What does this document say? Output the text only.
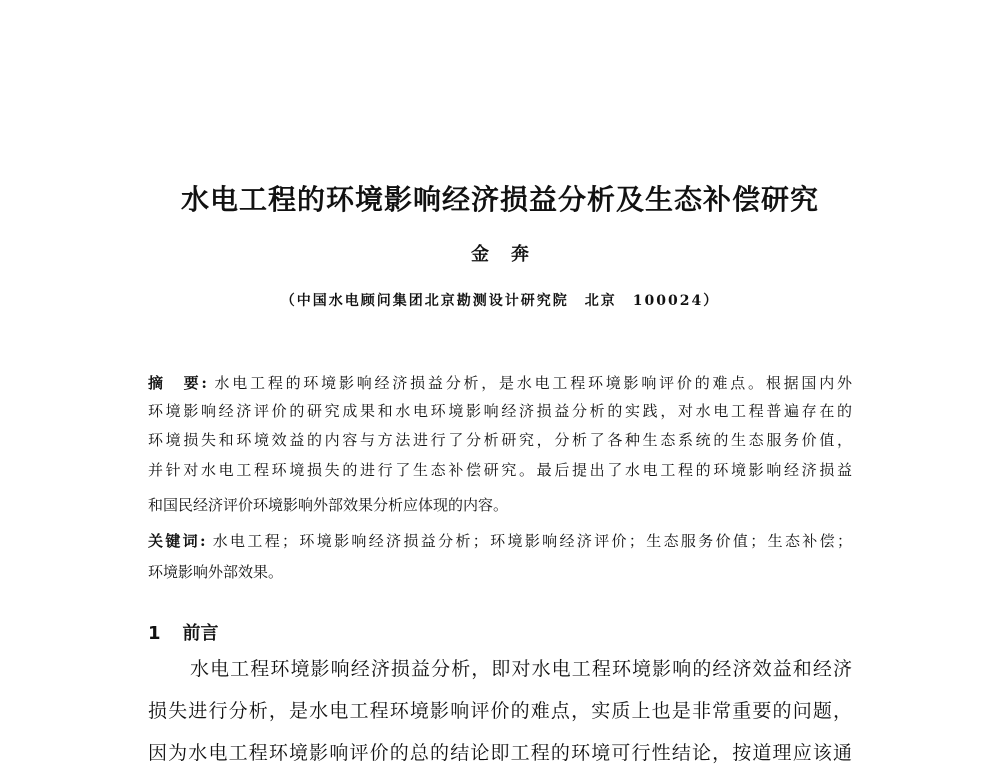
水电工程的环境影响经济损益分析及生态补偿研究
金奔
（中国水电顾问集团北京勘测设计研究院　北京　100024）
摘　要: 水电工程的环境影响经济损益分析，是水电工程环境影响评价的难点。根据国内外
环境影响经济评价的研究成果和水电环境影响经济损益分析的实践，对水电工程普遍存在的
环境损失和环境效益的内容与方法进行了分析研究，分析了各种生态系统的生态服务价值，
并针对水电工程环境损失的进行了生态补偿研究。最后提出了水电工程的环境影响经济损益
和国民经济评价环境影响外部效果分析应体现的内容。
关键词: 水电工程；环境影响经济损益分析；环境影响经济评价；生态服务价值；生态补偿；
环境影响外部效果。
1 前言
水电工程环境影响经济损益分析，即对水电工程环境影响的经济效益和经济
损失进行分析，是水电工程环境影响评价的难点，实质上也是非常重要的问题，
因为水电工程环境影响评价的总的结论即工程的环境可行性结论，按道理应该通
